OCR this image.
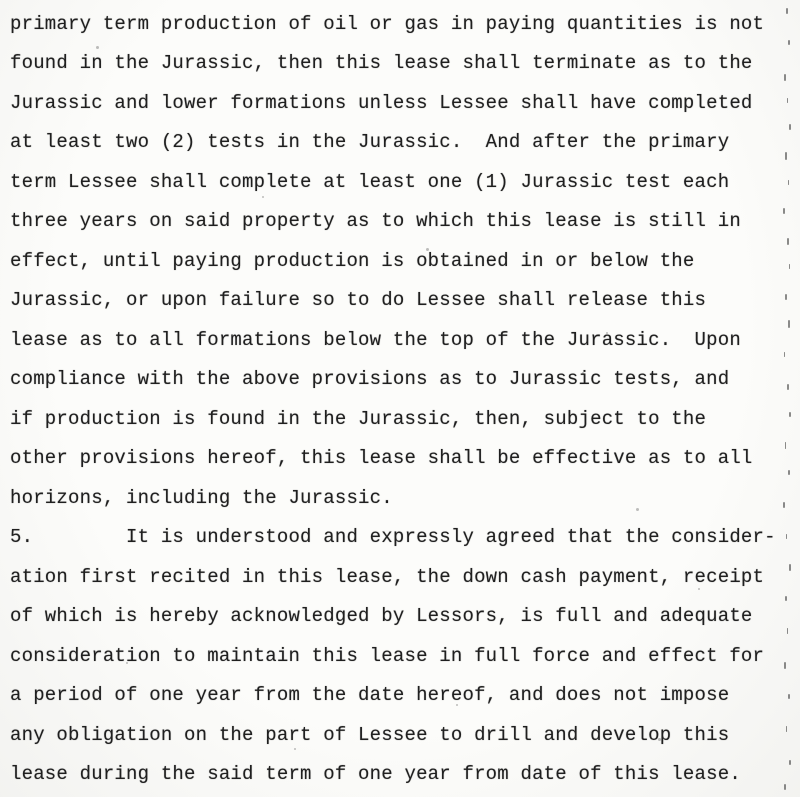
primary term production of oil or gas in paying quantities is not
found in the Jurassic, then this lease shall terminate as to the
Jurassic and lower formations unless Lessee shall have completed
at least two (2) tests in the Jurassic.  And after the primary
term Lessee shall complete at least one (1) Jurassic test each
three years on said property as to which this lease is still in
effect, until paying production is obtained in or below the
Jurassic, or upon failure so to do Lessee shall release this
lease as to all formations below the top of the Jurassic.  Upon
compliance with the above provisions as to Jurassic tests, and
if production is found in the Jurassic, then, subject to the
other provisions hereof, this lease shall be effective as to all
horizons, including the Jurassic.
5.        It is understood and expressly agreed that the consider-
ation first recited in this lease, the down cash payment, receipt
of which is hereby acknowledged by Lessors, is full and adequate
consideration to maintain this lease in full force and effect for
a period of one year from the date hereof, and does not impose
any obligation on the part of Lessee to drill and develop this
lease during the said term of one year from date of this lease.
